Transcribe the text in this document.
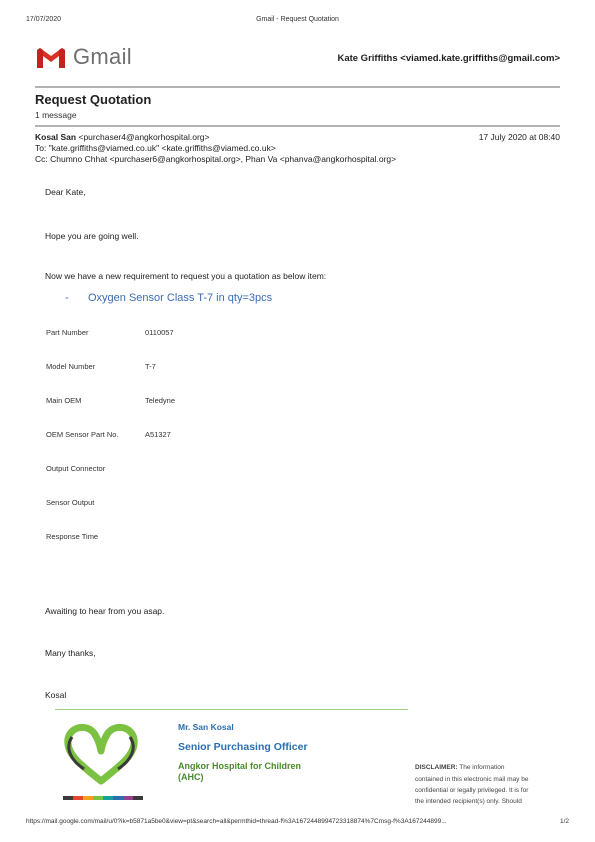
17/07/2020	Gmail - Request Quotation
Gmail	Kate Griffiths <viamed.kate.griffiths@gmail.com>
Request Quotation
1 message
Kosal San <purchaser4@angkorhospital.org>	17 July 2020 at 08:40
To: "kate.griffiths@viamed.co.uk" <kate.griffiths@viamed.co.uk>
Cc: Chumno Chhat <purchaser6@angkorhospital.org>, Phan Va <phanva@angkorhospital.org>
Dear Kate,
Hope you are going well.
Now we have a new requirement to request you a quotation as below item:
- Oxygen Sensor Class T-7 in qty=3pcs
Part Number	0110057
Model Number	T-7
Main OEM	Teledyne
OEM Sensor Part No.	A51327
Output Connector
Sensor Output
Response Time
Awaiting to hear from you asap.
Many thanks,
Kosal
Mr. San Kosal
Senior Purchasing Officer
Angkor Hospital for Children
(AHC)
DISCLAIMER: The information
contained in this electronic mail may be
confidential or legally privileged. It is for
the intended recipient(s) only. Should
https://mail.google.com/mail/u/0?ik=b5871a5be0&view=pt&search=all&permthid=thread-f%3A1672448994723318874%7Cmsg-f%3A167244899...	1/2
